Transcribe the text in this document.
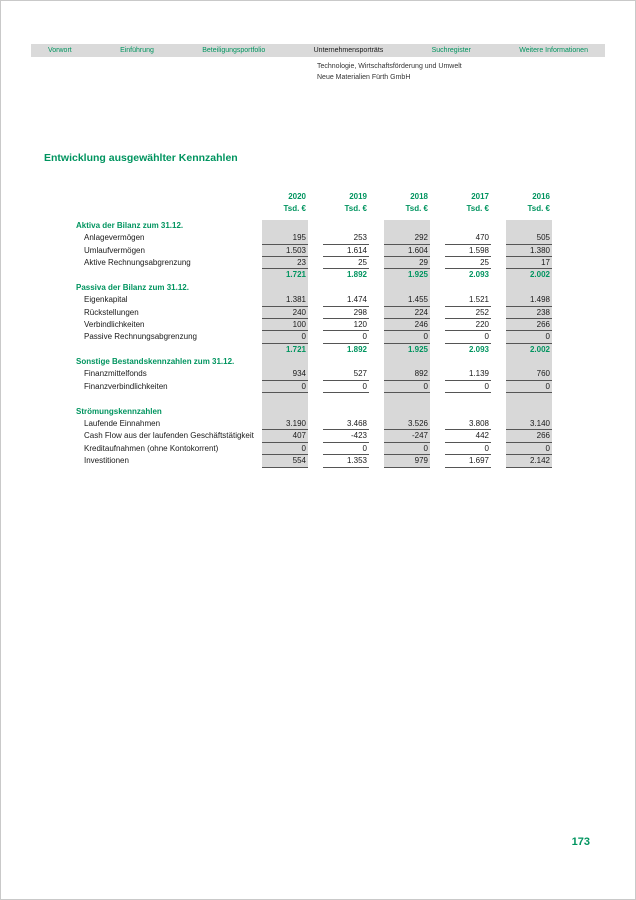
Vorwort	Einführung	Beteiligungsportfolio	Unternehmensporträts	Suchregister	Weitere Informationen
Technologie, Wirtschaftsförderung und Umwelt
Neue Materialien Fürth GmbH
Entwicklung ausgewählter Kennzahlen
2020	2019	2018	2017	2016
Tsd. €	Tsd. €	Tsd. €	Tsd. €	Tsd. €
Aktiva der Bilanz zum 31.12.
Anlagevermögen	195	253	292	470	505
Umlaufvermögen	1.503	1.614	1.604	1.598	1.380
Aktive Rechnungsabgrenzung	23	25	29	25	17
1.721	1.892	1.925	2.093	2.002
Passiva der Bilanz zum 31.12.
Eigenkapital	1.381	1.474	1.455	1.521	1.498
Rückstellungen	240	298	224	252	238
Verbindlichkeiten	100	120	246	220	266
Passive Rechnungsabgrenzung	0	0	0	0	0
1.721	1.892	1.925	2.093	2.002
Sonstige Bestandskennzahlen zum 31.12.
Finanzmittelfonds	934	527	892	1.139	760
Finanzverbindlichkeiten	0	0	0	0	0
Strömungskennzahlen
Laufende Einnahmen	3.190	3.468	3.526	3.808	3.140
Cash Flow aus der laufenden Geschäftstätigkeit	407	-423	-247	442	266
Kreditaufnahmen (ohne Kontokorrent)	0	0	0	0	0
Investitionen	554	1.353	979	1.697	2.142
173
